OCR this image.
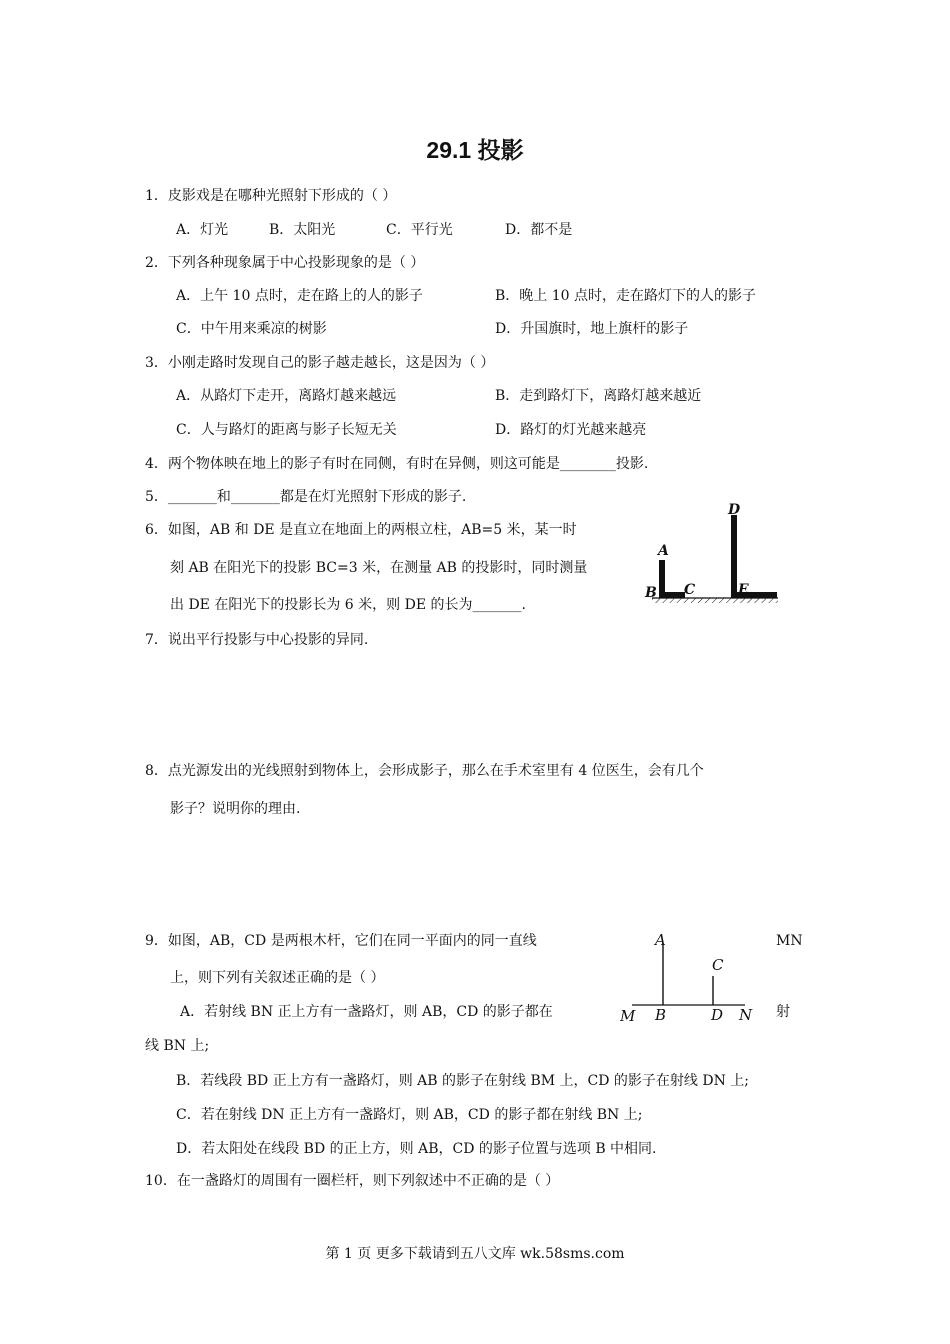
29.1 投影
1．皮影戏是在哪种光照射下形成的（ ）
A．灯光	B．太阳光	C．平行光	D．都不是
2．下列各种现象属于中心投影现象的是（ ）
A．上午 10 点时，走在路上的人的影子	B．晚上 10 点时，走在路灯下的人的影子
C．中午用来乘凉的树影	D．升国旗时，地上旗杆的影子
3．小刚走路时发现自己的影子越走越长，这是因为（ ）
A．从路灯下走开，离路灯越来越远	B．走到路灯下，离路灯越来越近
C．人与路灯的距离与影子长短无关	D．路灯的灯光越来越亮
4．两个物体映在地上的影子有时在同侧，有时在异侧，则这可能是________投影.
5．_______和_______都是在灯光照射下形成的影子.
6．如图，AB 和 DE 是直立在地面上的两根立柱，AB=5 米，某一时
刻 AB 在阳光下的投影 BC=3 米，在测量 AB 的投影时，同时测量
出 DE 在阳光下的投影长为 6 米，则 DE 的长为_______.
A
B C
D
E
7．说出平行投影与中心投影的异同.
8．点光源发出的光线照射到物体上，会形成影子，那么在手术室里有 4 位医生，会有几个
影子？说明你的理由.
9．如图，AB，CD 是两根木杆，它们在同一平面内的同一直线	MN
上，则下列有关叙述正确的是（ ）
A．若射线 BN 正上方有一盏路灯，则 AB，CD 的影子都在	射
线 BN 上;
B．若线段 BD 正上方有一盏路灯，则 AB 的影子在射线 BM 上，CD 的影子在射线 DN 上;
C．若在射线 DN 正上方有一盏路灯，则 AB，CD 的影子都在射线 BN 上;
D．若太阳处在线段 BD 的正上方，则 AB，CD 的影子位置与选项 B 中相同.
A
C
M B	D N
10．在一盏路灯的周围有一圈栏杆，则下列叙述中不正确的是（ ）
第 1 页 更多下载请到五八文库 wk.58sms.com
